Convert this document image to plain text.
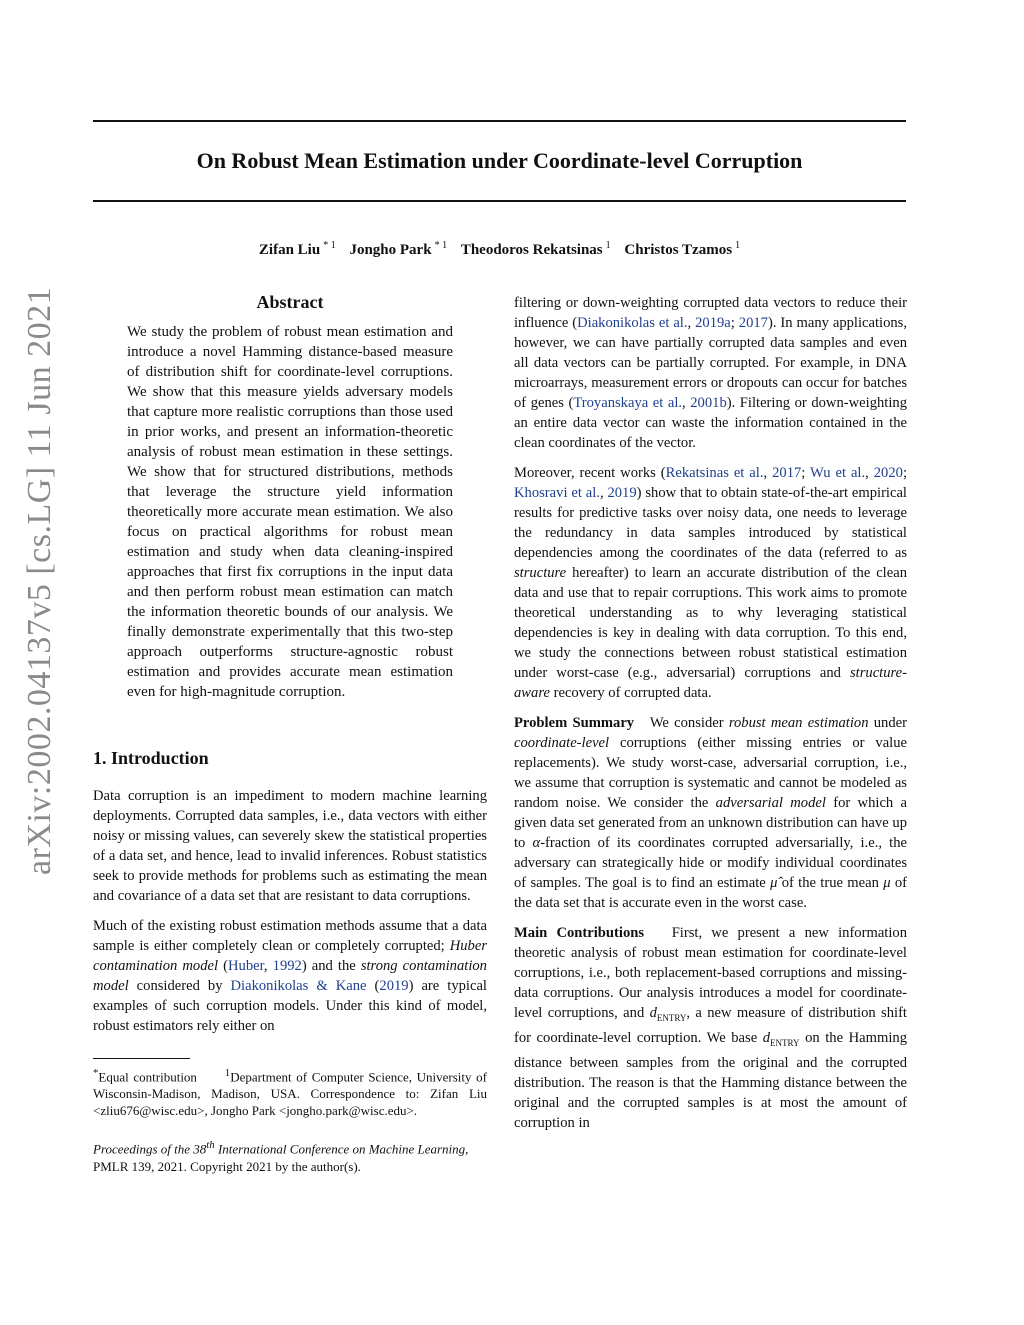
On Robust Mean Estimation under Coordinate-level Corruption
Zifan Liu $^{* 1}$ Jongho Park $^{* 1}$ Theodoros Rekatsinas $^1$ Christos Tzamos $^1$
arXiv:2002.04137v5 [cs.LG] 11 Jun 2021	Abstract

We study the problem of robust mean estimation and introduce a novel Hamming distance-based measure of distribution shift for coordinate-level corruptions. We show that this measure yields adversary models that capture more realistic corruptions than those used in prior works, and present an information-theoretic analysis of robust mean estimation in these settings. We show that for structured distributions, methods that leverage the structure yield information theoretically more accurate mean estimation. We also focus on practical algorithms for robust mean estimation and study when data cleaning-inspired approaches that first fix corruptions in the input data and then perform robust mean estimation can match the information theoretic bounds of our analysis. We finally demonstrate experimentally that this two-step approach outperforms structure-agnostic robust estimation and provides accurate mean estimation even for high-magnitude corruption.

1. Introduction

Data corruption is an impediment to modern machine learning deployments. Corrupted data samples, i.e., data vectors with either noisy or missing values, can severely skew the statistical properties of a data set, and hence, lead to invalid inferences. Robust statistics seek to provide methods for problems such as estimating the mean and covariance of a data set that are resistant to data corruptions.

Much of the existing robust estimation methods assume that a data sample is either completely clean or completely corrupted; Huber contamination model (Huber, 1992) and the strong contamination model considered by Diakonikolas & Kane (2019) are typical examples of such corruption models. Under this kind of model, robust estimators rely either on

*Equal contribution	$^1$Department of Computer Science, University of Wisconsin-Madison, Madison, USA. Correspondence to: Zifan Liu <zliu676@wisc.edu>, Jongho Park <jongho.park@wisc.edu>.

Proceedings of the 38th International Conference on Machine Learning, PMLR 139, 2021. Copyright 2021 by the author(s).

filtering or down-weighting corrupted data vectors to reduce their influence (Diakonikolas et al., 2019a; 2017). In many applications, however, we can have partially corrupted data samples and even all data vectors can be partially corrupted. For example, in DNA microarrays, measurement errors or dropouts can occur for batches of genes (Troyanskaya et al., 2001b). Filtering or down-weighting an entire data vector can waste the information contained in the clean coordinates of the vector.

Moreover, recent works (Rekatsinas et al., 2017; Wu et al., 2020; Khosravi et al., 2019) show that to obtain state-of-the-art empirical results for predictive tasks over noisy data, one needs to leverage the redundancy in data samples introduced by statistical dependencies among the coordinates of the data (referred to as structure hereafter) to learn an accurate distribution of the clean data and use that to repair corruptions. This work aims to promote theoretical understanding as to why leveraging statistical dependencies is key in dealing with data corruption. To this end, we study the connections between robust statistical estimation under worst-case (e.g., adversarial) corruptions and structure-aware recovery of corrupted data.

Problem Summary We consider robust mean estimation under coordinate-level corruptions (either missing entries or value replacements). We study worst-case, adversarial corruption, i.e., we assume that corruption is systematic and cannot be modeled as random noise. We consider the adversarial model for which a given data set generated from an unknown distribution can have up to α-fraction of its coordinates corrupted adversarially, i.e., the adversary can strategically hide or modify individual coordinates of samples. The goal is to find an estimate μ̂ of the true mean μ of the data set that is accurate even in the worst case.

Main Contributions First, we present a new information theoretic analysis of robust mean estimation for coordinate-level corruptions, i.e., both replacement-based corruptions and missing-data corruptions. Our analysis introduces a model for coordinate-level corruptions, and $d_{ENTRY}$, a new measure of distribution shift for coordinate-level corruption. We base $d_{ENTRY}$ on the Hamming distance between samples from the original and the corrupted distribution. The reason is that the Hamming distance between the original and the corrupted samples is at most the amount of corruption in
